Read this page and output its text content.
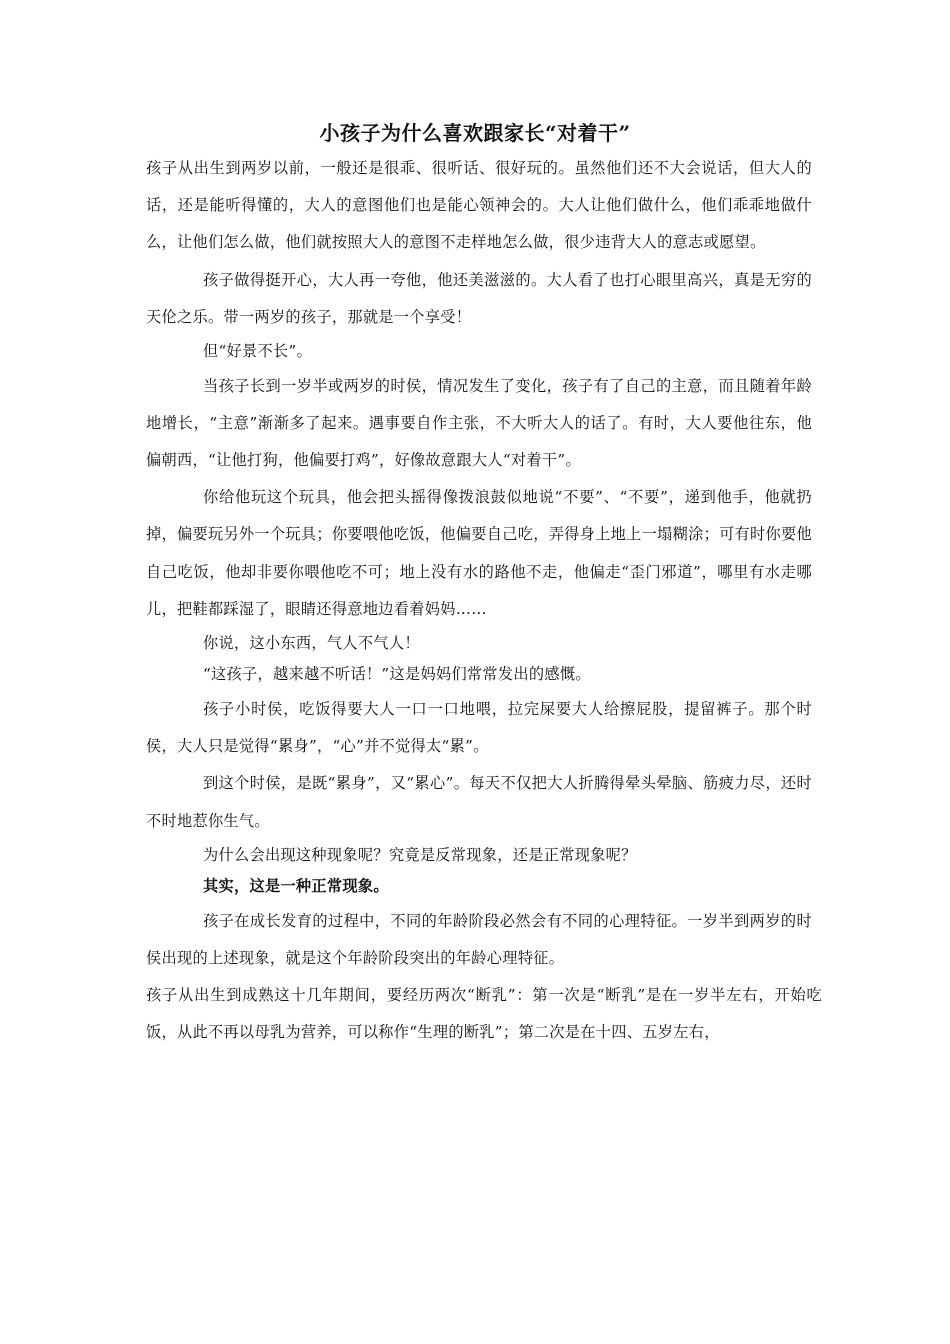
小孩子为什么喜欢跟家长“对着干”

孩子从出生到两岁以前，一般还是很乖、很听话、很好玩的。虽然他们还不大会说话，但大人的话，还是能听得懂的，大人的意图他们也是能心领神会的。大人让他们做什么，他们乖乖地做什么，让他们怎么做，他们就按照大人的意图不走样地怎么做，很少违背大人的意志或愿望。

孩子做得挺开心，大人再一夸他，他还美滋滋的。大人看了也打心眼里高兴，真是无穷的天伦之乐。带一两岁的孩子，那就是一个享受！

但“好景不长”。

当孩子长到一岁半或两岁的时侯，情况发生了变化，孩子有了自己的主意，而且随着年龄地增长，“主意”渐渐多了起来。遇事要自作主张，不大听大人的话了。有时，大人要他往东，他偏朝西，“让他打狗，他偏要打鸡”，好像故意跟大人“对着干”。

你给他玩这个玩具，他会把头摇得像拨浪鼓似地说“不要”、“不要”，递到他手，他就扔掉，偏要玩另外一个玩具；你要喂他吃饭，他偏要自己吃，弄得身上地上一塌糊涂；可有时你要他自己吃饭，他却非要你喂他吃不可；地上没有水的路他不走，他偏走“歪门邪道”，哪里有水走哪儿，把鞋都踩湿了，眼睛还得意地边看着妈妈……

你说，这小东西，气人不气人！

“这孩子，越来越不听话！”这是妈妈们常常发出的感慨。

孩子小时侯，吃饭得要大人一口一口地喂，拉完屎要大人给擦屁股，提留裤子。那个时侯，大人只是觉得“累身”，“心”并不觉得太“累”。

到这个时侯，是既“累身”，又“累心”。每天不仅把大人折腾得晕头晕脑、筋疲力尽，还时不时地惹你生气。

为什么会出现这种现象呢？究竟是反常现象，还是正常现象呢？

其实，这是一种正常现象。

孩子在成长发育的过程中，不同的年龄阶段必然会有不同的心理特征。一岁半到两岁的时侯出现的上述现象，就是这个年龄阶段突出的年龄心理特征。

孩子从出生到成熟这十几年期间，要经历两次“断乳”：第一次是“断乳”是在一岁半左右，开始吃饭，从此不再以母乳为营养，可以称作“生理的断乳”；第二次是在十四、五岁左右，
